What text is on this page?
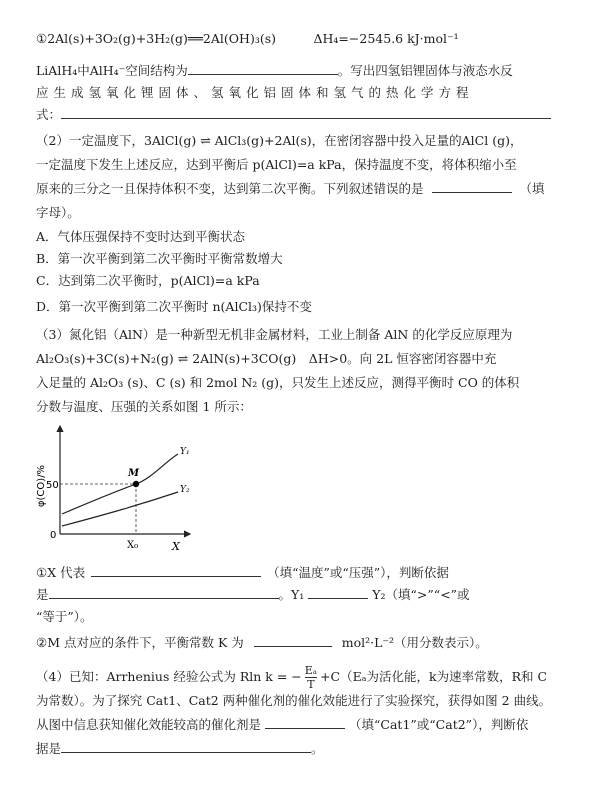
①2Al(s)+3O₂(g)+3H₂(g)══2Al(OH)₃(s)　　　ΔH₄=−2545.6 kJ·mol⁻¹
LiAlH₄中AlH₄⁻空间结构为	。写出四氢铝锂固体与液态水反
应生成氢氧化锂固体、氢氧化铝固体和氢气的热化学方程
式：
（2）一定温度下，3AlCl(g) ⇌ AlCl₃(g)+2Al(s)，在密闭容器中投入足量的AlCl (g)，
一定温度下发生上述反应，达到平衡后 p(AlCl)=a kPa，保持温度不变，将体积缩小至
原来的三分之一且保持体积不变，达到第二次平衡。下列叙述错误的是	（填
字母）。
A．气体压强保持不变时达到平衡状态
B．第一次平衡到第二次平衡时平衡常数增大
C．达到第二次平衡时，p(AlCl)=a kPa
D．第一次平衡到第二次平衡时 n(AlCl₃)保持不变
（3）氮化铝（AlN）是一种新型无机非金属材料，工业上制备 AlN 的化学反应原理为
Al₂O₃(s)+3C(s)+N₂(g) ⇌ 2AlN(s)+3CO(g)　ΔH>0。向 2L 恒容密闭容器中充
入足量的 Al₂O₃ (s)、C (s) 和 2mol N₂ (g)，只发生上述反应，测得平衡时 CO 的体积
分数与温度、压强的关系如图 1 所示：
φ(CO)/%
X
50
0
X₀
M
Y₁
Y₂
①X 代表	（填“温度”或“压强”），判断依据
是	。Y₁	Y₂（填“>”“<”或
“等于”）。
②M 点对应的条件下，平衡常数 K 为	mol²·L⁻²（用分数表示）。
（4）已知：Arrhenius 经验公式为 Rln k = − $\frac{\text{Eₐ}}{T} +C(E_a$为活化能，k为速率常数，R和 C
为常数）。为了探究 Cat1、Cat2 两种催化剂的催化效能进行了实验探究，获得如图 2 曲线。
从图中信息获知催化效能较高的催化剂是	（填“Cat1”或“Cat2”），判断依
据是	。
